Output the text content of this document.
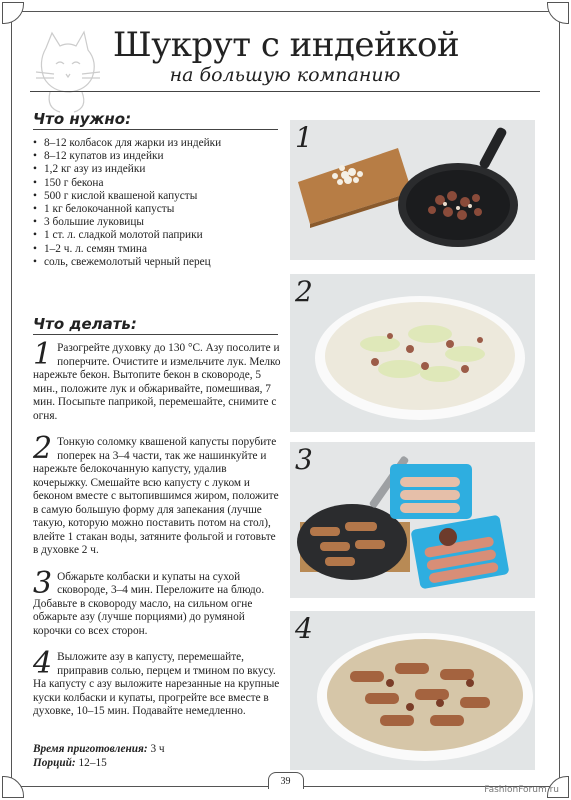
Шукрут с индейкой
на большую компанию
Что нужно:
• 8–12 колбасок для жарки из индейки
• 8–12 купатов из индейки
• 1,2 кг азу из индейки
• 150 г бекона
• 500 г кислой квашеной капусты
• 1 кг белокочанной капусты
• 3 большие луковицы
• 1 ст. л. сладкой молотой паприки
• 1–2 ч. л. семян тмина
• соль, свежемолотый черный перец
Что делать:
1 Разогрейте духовку до 130 °С. Азу посолите и поперчите. Очистите и измельчите лук. Мелко нарежьте бекон. Вытопите бекон в сковороде, 5 мин., положите лук и обжаривайте, помешивая, 7 мин. Посыпьте паприкой, перемешайте, снимите с огня.
2 Тонкую соломку квашеной капусты порубите поперек на 3–4 части, так же нашинкуйте и нарежьте белокочанную капусту, удалив кочерыжку. Смешайте всю капусту с луком и беконом вместе с вытопившимся жиром, положите в самую большую форму для запекания (лучше такую, которую можно поставить потом на стол), влейте 1 стакан воды, затяните фольгой и готовьте в духовке 2 ч.
3 Обжарьте колбаски и купаты на сухой сковороде, 3–4 мин. Переложите на блюдо. Добавьте в сковороду масло, на сильном огне обжарьте азу (лучше порциями) до румяной корочки со всех сторон.
4 Выложите азу в капусту, перемешайте, приправив солью, перцем и тмином по вкусу. На капусту с азу выложите нарезанные на крупные куски колбаски и купаты, прогрейте все вместе в духовке, 10–15 мин. Подавайте немедленно.
Время приготовления: 3 ч
Порций: 12–15
1
2
3
4
39
FashionForum.ru
